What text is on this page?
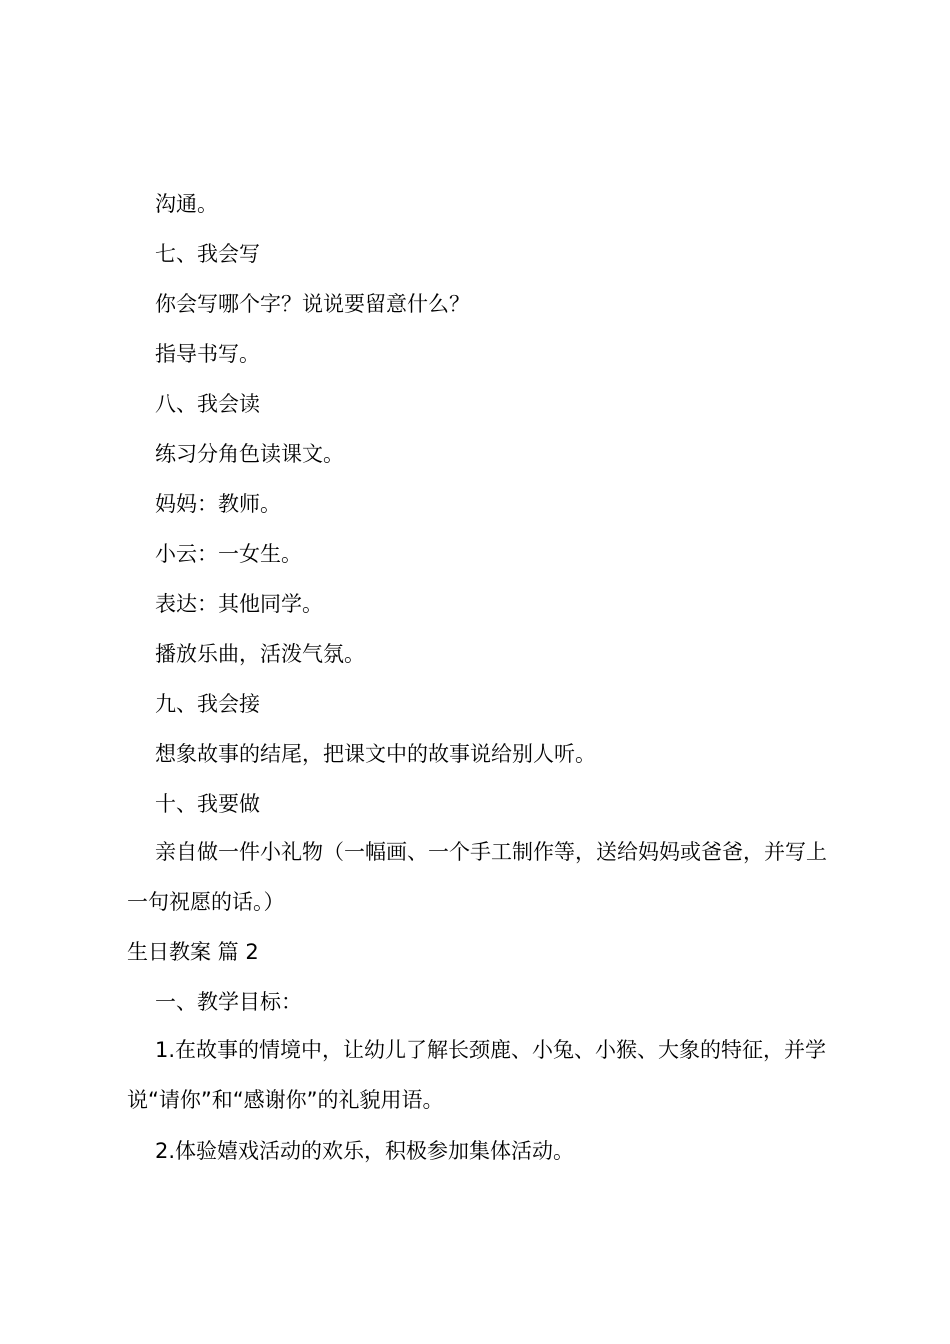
沟通。
七、我会写
你会写哪个字？说说要留意什么？
指导书写。
八、我会读
练习分角色读课文。
妈妈：教师。
小云：一女生。
表达：其他同学。
播放乐曲，活泼气氛。
九、我会接
想象故事的结尾，把课文中的故事说给别人听。
十、我要做
亲自做一件小礼物（一幅画、一个手工制作等，送给妈妈或爸爸，并写上一句祝愿的话。）
生日教案 篇 2
一、教学目标：
1.在故事的情境中，让幼儿了解长颈鹿、小兔、小猴、大象的特征，并学说“请你”和“感谢你”的礼貌用语。
2.体验嬉戏活动的欢乐，积极参加集体活动。
